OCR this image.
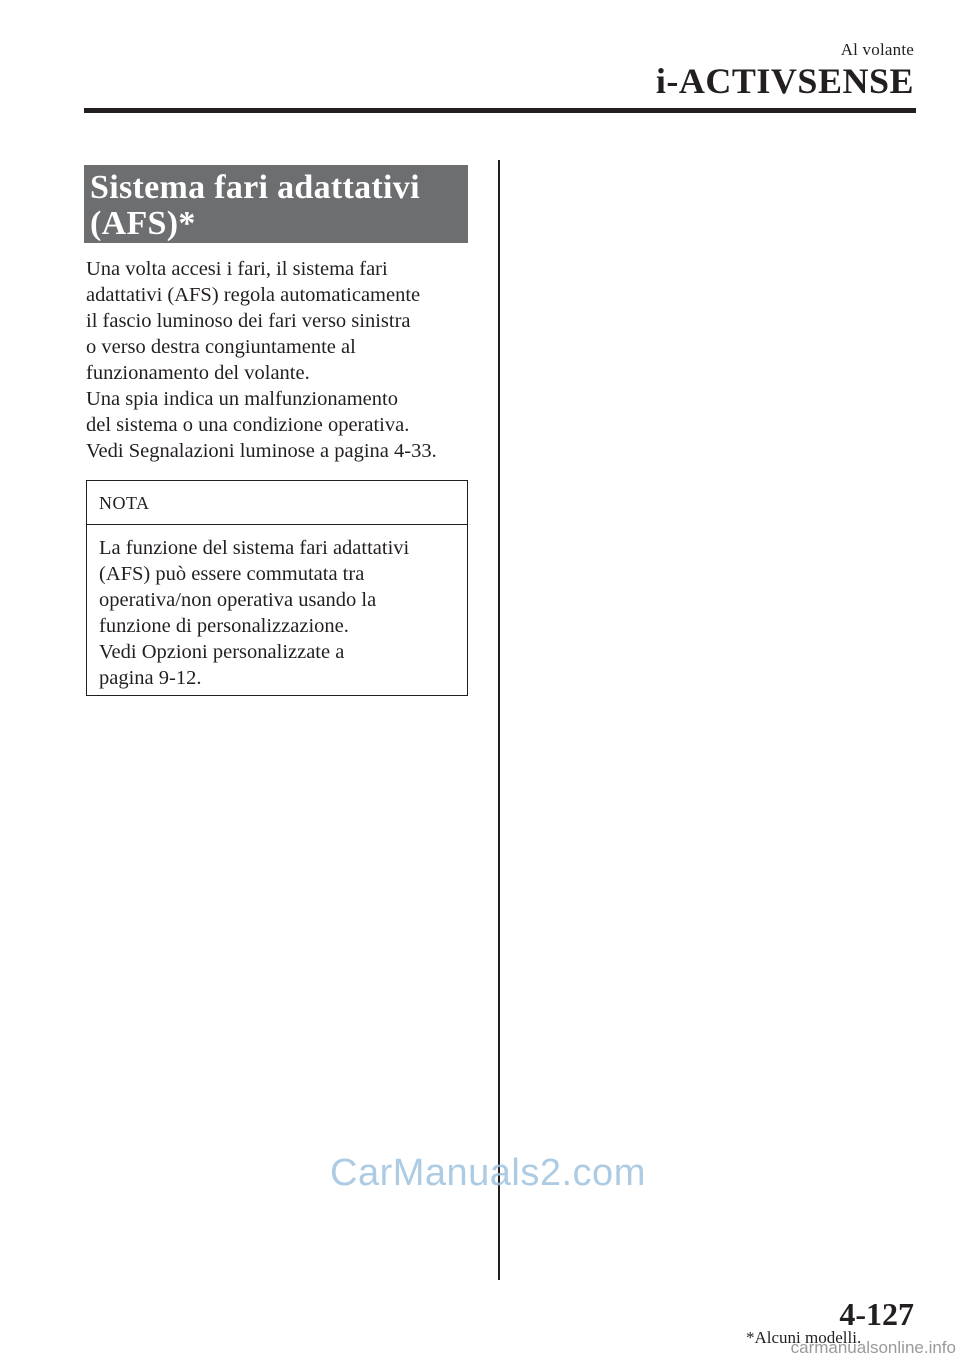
Al volante
i-ACTIVSENSE
Sistema fari adattativi
(AFS)*
Una volta accesi i fari, il sistema fari
adattativi (AFS) regola automaticamente
il fascio luminoso dei fari verso sinistra
o verso destra congiuntamente al
funzionamento del volante.
Una spia indica un malfunzionamento
del sistema o una condizione operativa.
Vedi Segnalazioni luminose a pagina 4-33.
NOTA
La funzione del sistema fari adattativi
(AFS) può essere commutata tra
operativa/non operativa usando la
funzione di personalizzazione.
Vedi Opzioni personalizzate a
pagina 9-12.
CarManuals2.com
*Alcuni modelli.
4-127
carmanualsonline.info
